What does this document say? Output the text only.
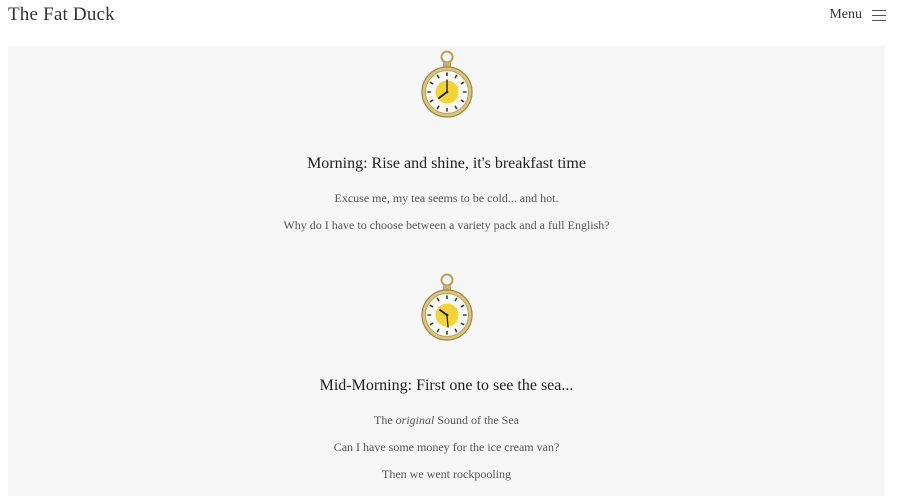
The Fat Duck	Menu

Morning: Rise and shine, it's breakfast time

Excuse me, my tea seems to be cold... and hot.

Why do I have to choose between a variety pack and a full English?

Mid-Morning: First one to see the sea...

The original Sound of the Sea

Can I have some money for the ice cream van?

Then we went rockpooling
